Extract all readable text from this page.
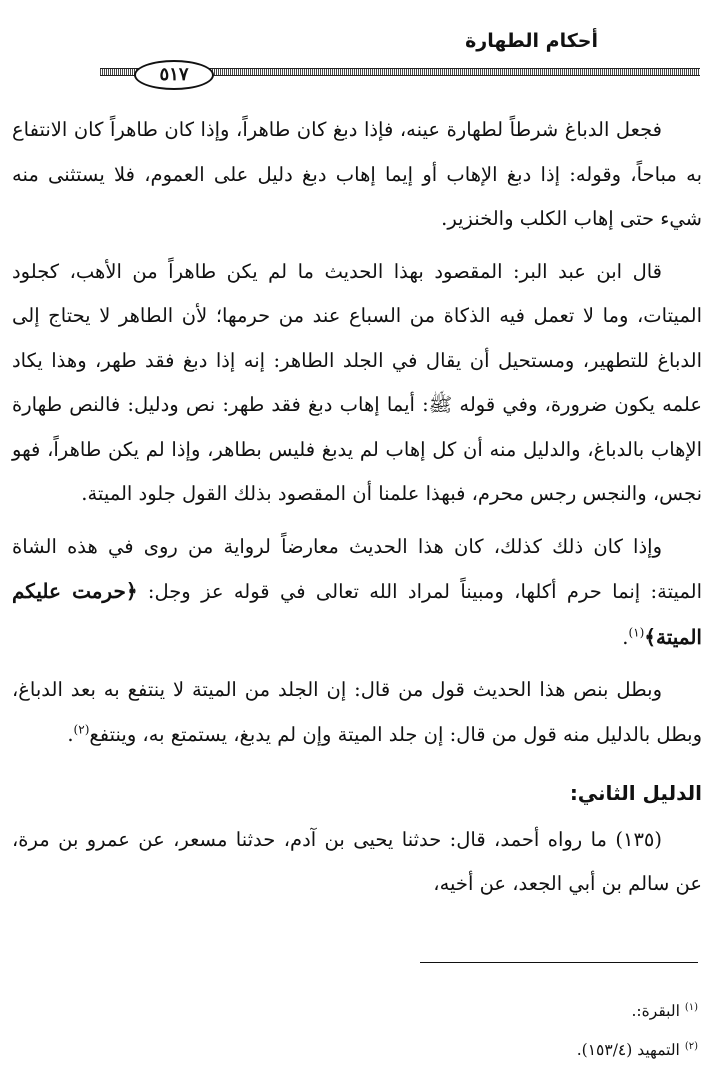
أحكام الطهارة
٥١٧

فجعل الدباغ شرطاً لطهارة عينه، فإذا دبغ كان طاهراً، وإذا كان طاهراً كان الانتفاع به مباحاً، وقوله: إذا دبغ الإهاب أو إيما إهاب دبغ دليل على العموم، فلا يستثنى منه شيء حتى إهاب الكلب والخنزير.

قال ابن عبد البر: المقصود بهذا الحديث ما لم يكن طاهراً من الأهب، كجلود الميتات، وما لا تعمل فيه الذكاة من السباع عند من حرمها؛ لأن الطاهر لا يحتاج إلى الدباغ للتطهير، ومستحيل أن يقال في الجلد الطاهر: إنه إذا دبغ فقد طهر، وهذا يكاد علمه يكون ضرورة، وفي قوله ﷺ: أيما إهاب دبغ فقد طهر: نص ودليل: فالنص طهارة الإهاب بالدباغ، والدليل منه أن كل إهاب لم يدبغ فليس بطاهر، وإذا لم يكن طاهراً، فهو نجس، والنجس رجس محرم، فبهذا علمنا أن المقصود بذلك القول جلود الميتة.

وإذا كان ذلك كذلك، كان هذا الحديث معارضاً لرواية من روى في هذه الشاة الميتة: إنما حرم أكلها، ومبيناً لمراد الله تعالى في قوله عز وجل: ﴿حرمت عليكم الميتة﴾$^{(١)}$.

وبطل بنص هذا الحديث قول من قال: إن الجلد من الميتة لا ينتفع به بعد الدباغ، وبطل بالدليل منه قول من قال: إن جلد الميتة وإن لم يدبغ، يستمتع به، وينتفع$^{(٢)}$.

الدليل الثاني:

(١٣٥) ما رواه أحمد، قال: حدثنا يحيى بن آدم، حدثنا مسعر، عن عمرو بن مرة، عن سالم بن أبي الجعد، عن أخيه،

$^{(١)}$ البقرة:.
$^{(٢)}$ التمهيد (١٥٣/٤).
